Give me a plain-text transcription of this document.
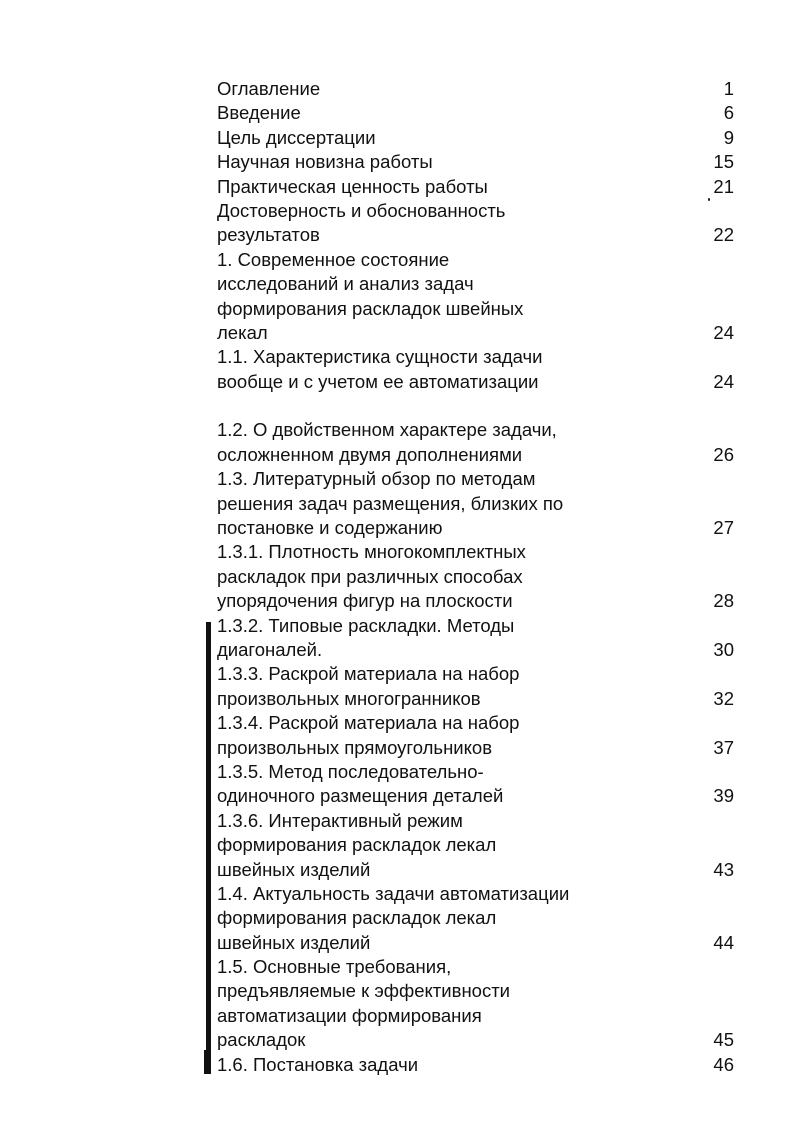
Оглавление	1
Введение	6
Цель диссертации	9
Научная новизна работы	15
Практическая ценность работы	21
Достоверность и обоснованность
результатов	22
1. Современное состояние
исследований и анализ задач
формирования раскладок швейных
лекал	24
1.1. Характеристика сущности задачи
вообще и с учетом ее автоматизации	24
1.2. О двойственном характере задачи,
осложненном двумя дополнениями	26
1.3. Литературный обзор по методам
решения задач размещения, близких по
постановке и содержанию	27
1.3.1. Плотность многокомплектных
раскладок при различных способах
упорядочения фигур на плоскости	28
1.3.2. Типовые раскладки. Методы
диагоналей.	30
1.3.3. Раскрой материала на набор
произвольных многогранников	32
1.3.4. Раскрой материала на набор
произвольных прямоугольников	37
1.3.5. Метод последовательно-
одиночного размещения деталей	39
1.3.6. Интерактивный режим
формирования раскладок лекал
швейных изделий	43
1.4. Актуальность задачи автоматизации
формирования раскладок лекал
швейных изделий	44
1.5. Основные требования,
предъявляемые к эффективности
автоматизации формирования
раскладок	45
1.6. Постановка задачи	46
